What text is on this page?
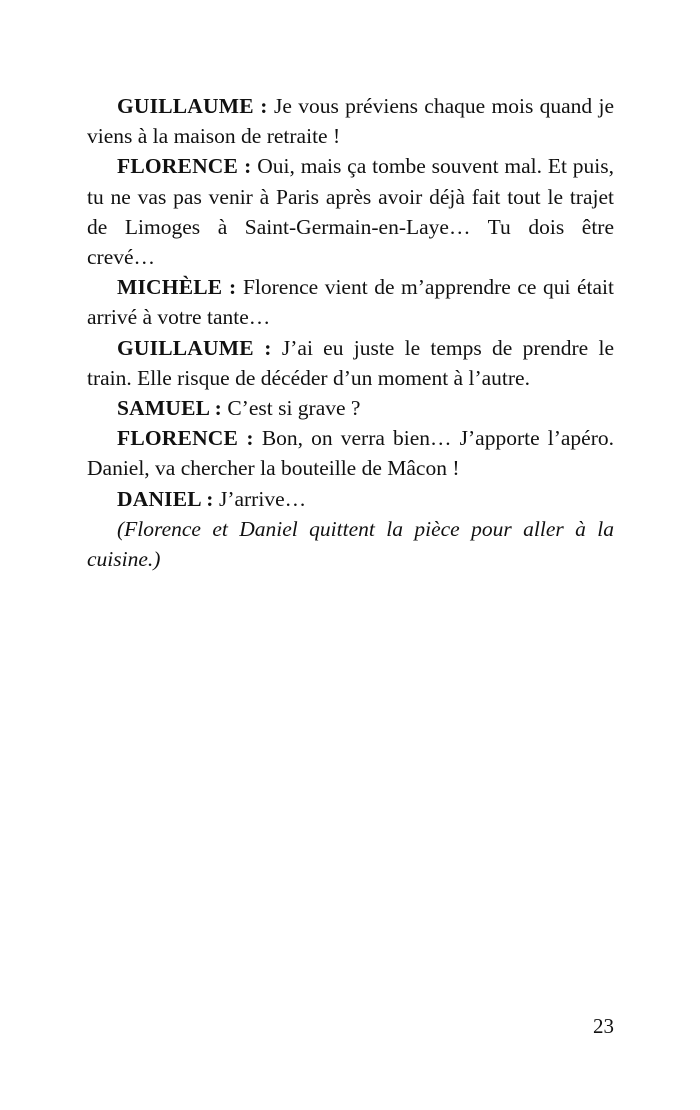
GUILLAUME : Je vous préviens chaque mois quand je viens à la maison de retraite !

FLORENCE : Oui, mais ça tombe souvent mal. Et puis, tu ne vas pas venir à Paris après avoir déjà fait tout le trajet de Limoges à Saint-Germain-en-Laye… Tu dois être crevé…

MICHÈLE : Florence vient de m’apprendre ce qui était arrivé à votre tante…

GUILLAUME : J’ai eu juste le temps de prendre le train. Elle risque de décéder d’un moment à l’autre.

SAMUEL : C’est si grave ?

FLORENCE : Bon, on verra bien… J’apporte l’apéro. Daniel, va chercher la bouteille de Mâcon !

DANIEL : J’arrive…

(Florence et Daniel quittent la pièce pour aller à la cuisine.)

23
